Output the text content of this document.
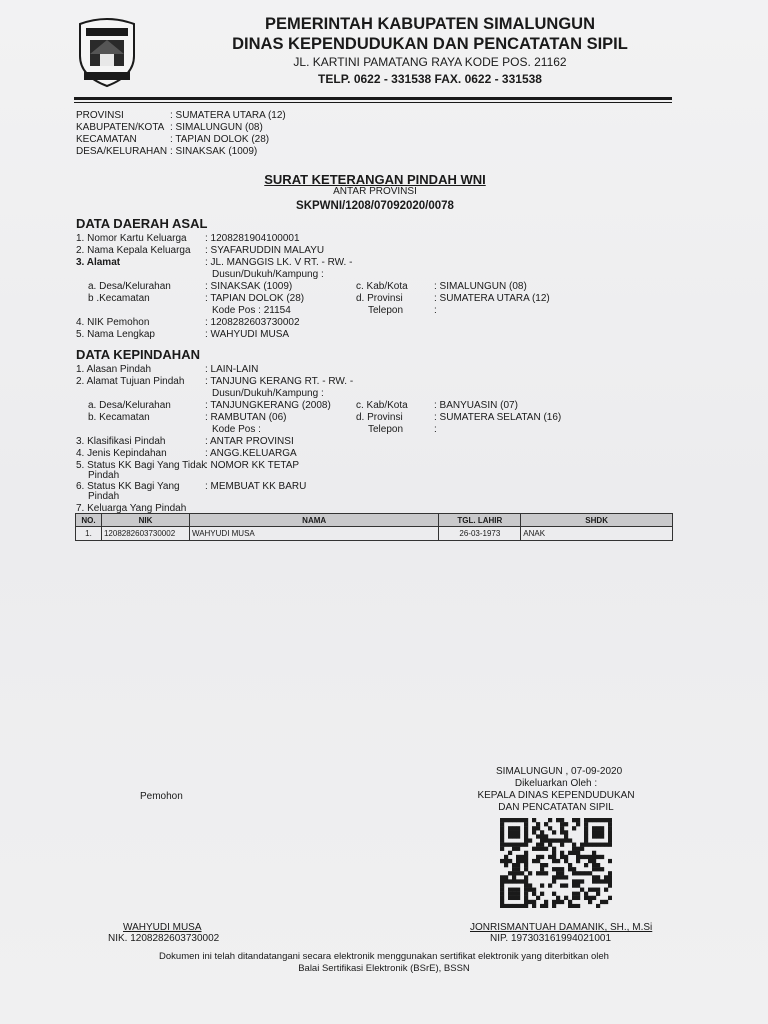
PEMERINTAH KABUPATEN SIMALUNGUN
DINAS KEPENDUDUKAN DAN PENCATATAN SIPIL
JL. KARTINI PAMATANG RAYA KODE POS. 21162
TELP. 0622 - 331538 FAX. 0622 - 331538
PROVINSI	: SUMATERA UTARA (12)
KABUPATEN/KOTA : SIMALUNGUN (08)
KECAMATAN	: TAPIAN DOLOK (28)
DESA/KELURAHAN : SINAKSAK (1009)
SURAT KETERANGAN PINDAH WNI
ANTAR PROVINSI
SKPWNI/1208/07092020/0078
DATA DAERAH ASAL
1. Nomor Kartu Keluarga : 1208281904100001
2. Nama Kepala Keluarga : SYAFARUDDIN MALAYU
3. Alamat	: JL. MANGGIS LK. V RT. - RW. -
Dusun/Dukuh/Kampung :
a. Desa/Kelurahan	: SINAKSAK (1009)	c. Kab/Kota	: SIMALUNGUN (08)
b .Kecamatan	: TAPIAN DOLOK (28)	d. Provinsi	: SUMATERA UTARA (12)
Kode Pos : 21154	Telepon	:
4. NIK Pemohon	: 1208282603730002
5. Nama Lengkap	: WAHYUDI MUSA
DATA KEPINDAHAN
1. Alasan Pindah	: LAIN-LAIN
2. Alamat Tujuan Pindah : TANJUNG KERANG RT. - RW. -
Dusun/Dukuh/Kampung :
a. Desa/Kelurahan	: TANJUNGKERANG (2008)	c. Kab/Kota	: BANYUASIN (07)
b. Kecamatan	: RAMBUTAN (06)	d. Provinsi	: SUMATERA SELATAN (16)
Kode Pos :	Telepon	:
3. Klasifikasi Pindah	: ANTAR PROVINSI
4. Jenis Kepindahan	: ANGG.KELUARGA
5. Status KK Bagi Yang Tidak
Pindah
: NOMOR KK TETAP
6. Status KK Bagi Yang
Pindah
: MEMBUAT KK BARU
7. Keluarga Yang Pindah
NO.	NIK	NAMA	TGL. LAHIR	SHDK
1.	1208282603730002	WAHYUDI MUSA	26-03-1973	ANAK
SIMALUNGUN , 07-09-2020
Dikeluarkan Oleh :
KEPALA DINAS KEPENDUDUKAN
DAN PENCATATAN SIPIL
Pemohon
WAHYUDI MUSA
NIK. 1208282603730002
JONRISMANTUAH DAMANIK, SH., M.Si
NIP. 197303161994021001
Dokumen ini telah ditandatangani secara elektronik menggunakan sertifikat elektronik yang diterbitkan oleh
Balai Sertifikasi Elektronik (BSrE), BSSN
